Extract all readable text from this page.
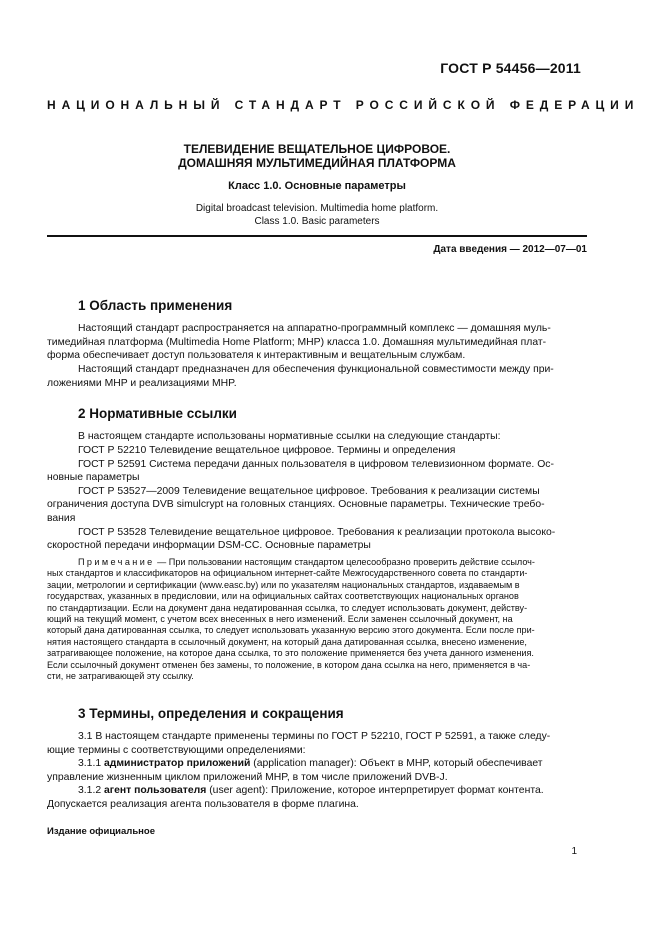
ГОСТ Р 54456—2011
НАЦИОНАЛЬНЫЙ СТАНДАРТ РОССИЙСКОЙ ФЕДЕРАЦИИ
ТЕЛЕВИДЕНИЕ ВЕЩАТЕЛЬНОЕ ЦИФРОВОЕ.
ДОМАШНЯЯ МУЛЬТИМЕДИЙНАЯ ПЛАТФОРМА
Класс 1.0. Основные параметры
Digital broadcast television. Multimedia home platform.
Class 1.0. Basic parameters
Дата введения — 2012—07—01
1 Область применения
Настоящий стандарт распространяется на аппаратно-программный комплекс — домашняя муль-
тимедийная платформа (Multimedia Home Platform; MHP) класса 1.0. Домашняя мультимедийная плат-
форма обеспечивает доступ пользователя к интерактивным и вещательным службам.
Настоящий стандарт предназначен для обеспечения функциональной совместимости между при-
ложениями MHP и реализациями MHP.
2 Нормативные ссылки
В настоящем стандарте использованы нормативные ссылки на следующие стандарты:
ГОСТ Р 52210 Телевидение вещательное цифровое. Термины и определения
ГОСТ Р 52591 Система передачи данных пользователя в цифровом телевизионном формате. Ос-
новные параметры
ГОСТ Р 53527—2009 Телевидение вещательное цифровое. Требования к реализации системы
ограничения доступа DVB simulcrypt на головных станциях. Основные параметры. Технические требо-
вания
ГОСТ Р 53528 Телевидение вещательное цифровое. Требования к реализации протокола высоко-
скоростной передачи информации DSM-CC. Основные параметры
Примечание — При пользовании настоящим стандартом целесообразно проверить действие ссылоч-
ных стандартов и классификаторов на официальном интернет-сайте Межгосударственного совета по стандарти-
зации, метрологии и сертификации (www.easc.by) или по указателям национальных стандартов, издаваемым в
государствах, указанных в предисловии, или на официальных сайтах соответствующих национальных органов
по стандартизации. Если на документ дана недатированная ссылка, то следует использовать документ, действу-
ющий на текущий момент, с учетом всех внесенных в него изменений. Если заменен ссылочный документ, на
который дана датированная ссылка, то следует использовать указанную версию этого документа. Если после при-
нятия настоящего стандарта в ссылочный документ, на который дана датированная ссылка, внесено изменение,
затрагивающее положение, на которое дана ссылка, то это положение применяется без учета данного изменения.
Если ссылочный документ отменен без замены, то положение, в котором дана ссылка на него, применяется в ча-
сти, не затрагивающей эту ссылку.
3 Термины, определения и сокращения
3.1 В настоящем стандарте применены термины по ГОСТ Р 52210, ГОСТ Р 52591, а также следу-
ющие термины с соответствующими определениями:
3.1.1 администратор приложений (application manager): Объект в MHP, который обеспечивает
управление жизненным циклом приложений MHP, в том числе приложений DVB-J.
3.1.2 агент пользователя (user agent): Приложение, которое интерпретирует формат контента.
Допускается реализация агента пользователя в форме плагина.
Издание официальное
1
